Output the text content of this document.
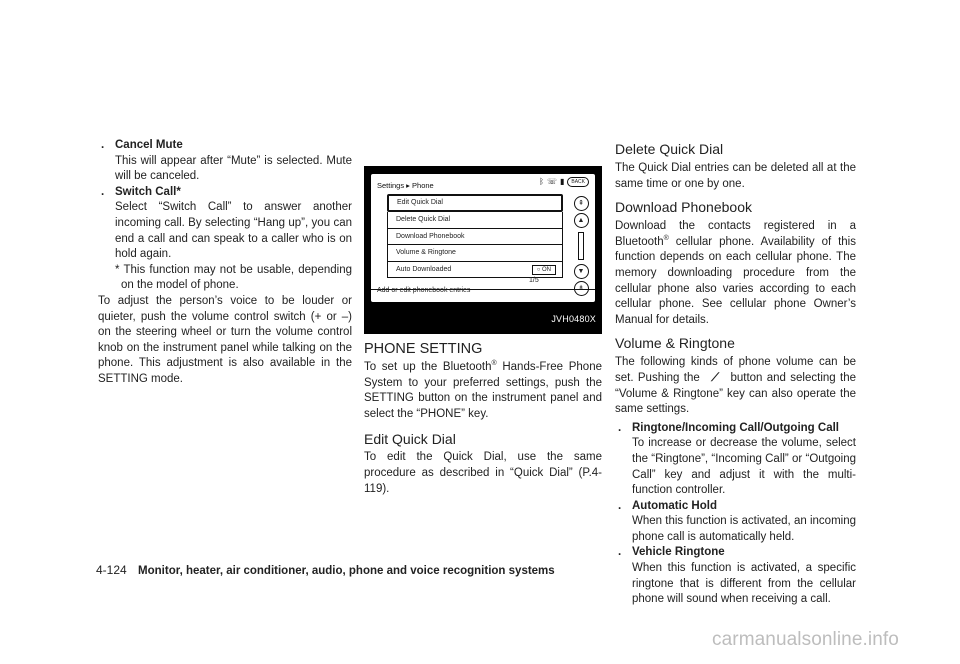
. Cancel Mute

This will appear after “Mute” is selected. Mute will be canceled.

. Switch Call*

Select “Switch Call” to answer another incoming call. By selecting “Hang up”, you can end a call and can speak to a caller who is on hold again.

* This function may not be usable, depending on the model of phone.

To adjust the person’s voice to be louder or quieter, push the volume control switch (+ or –) on the steering wheel or turn the volume control knob on the instrument panel while talking on the phone. This adjustment is also available in the SETTING mode.

Settings ▸ Phone	ᛒ ☏ ▮	BACK
Edit Quick Dial
Delete Quick Dial
Download Phonebook
Volume & Ringtone
Auto Downloaded	○ ON
1/5
⇞
▲
▼
⇟
Add or edit phonebook entries
JVH0480X
PHONE SETTING

To set up the Bluetooth® Hands-Free Phone System to your preferred settings, push the SETTING button on the instrument panel and select the “PHONE” key.

Edit Quick Dial

To edit the Quick Dial, use the same procedure as described in “Quick Dial” (P.4-119).

Delete Quick Dial

The Quick Dial entries can be deleted all at the same time or one by one.

Download Phonebook

Download the contacts registered in a Bluetooth® cellular phone. Availability of this function depends on each cellular phone. The memory downloading procedure from the cellular phone also varies according to each cellular phone. See cellular phone Owner’s Manual for details.

Volume & Ringtone

The following kinds of phone volume can be set. Pushing the ⟋ button and selecting the “Volume & Ringtone” key can also operate the same settings.

. Ringtone/Incoming Call/Outgoing Call

To increase or decrease the volume, select the “Ringtone”, “Incoming Call” or “Outgoing Call” key and adjust it with the multi-function controller.

. Automatic Hold

When this function is activated, an incoming phone call is automatically held.

. Vehicle Ringtone

When this function is activated, a specific ringtone that is different from the cellular phone will sound when receiving a call.

4-124 Monitor, heater, air conditioner, audio, phone and voice recognition systems
carmanualsonline.info
